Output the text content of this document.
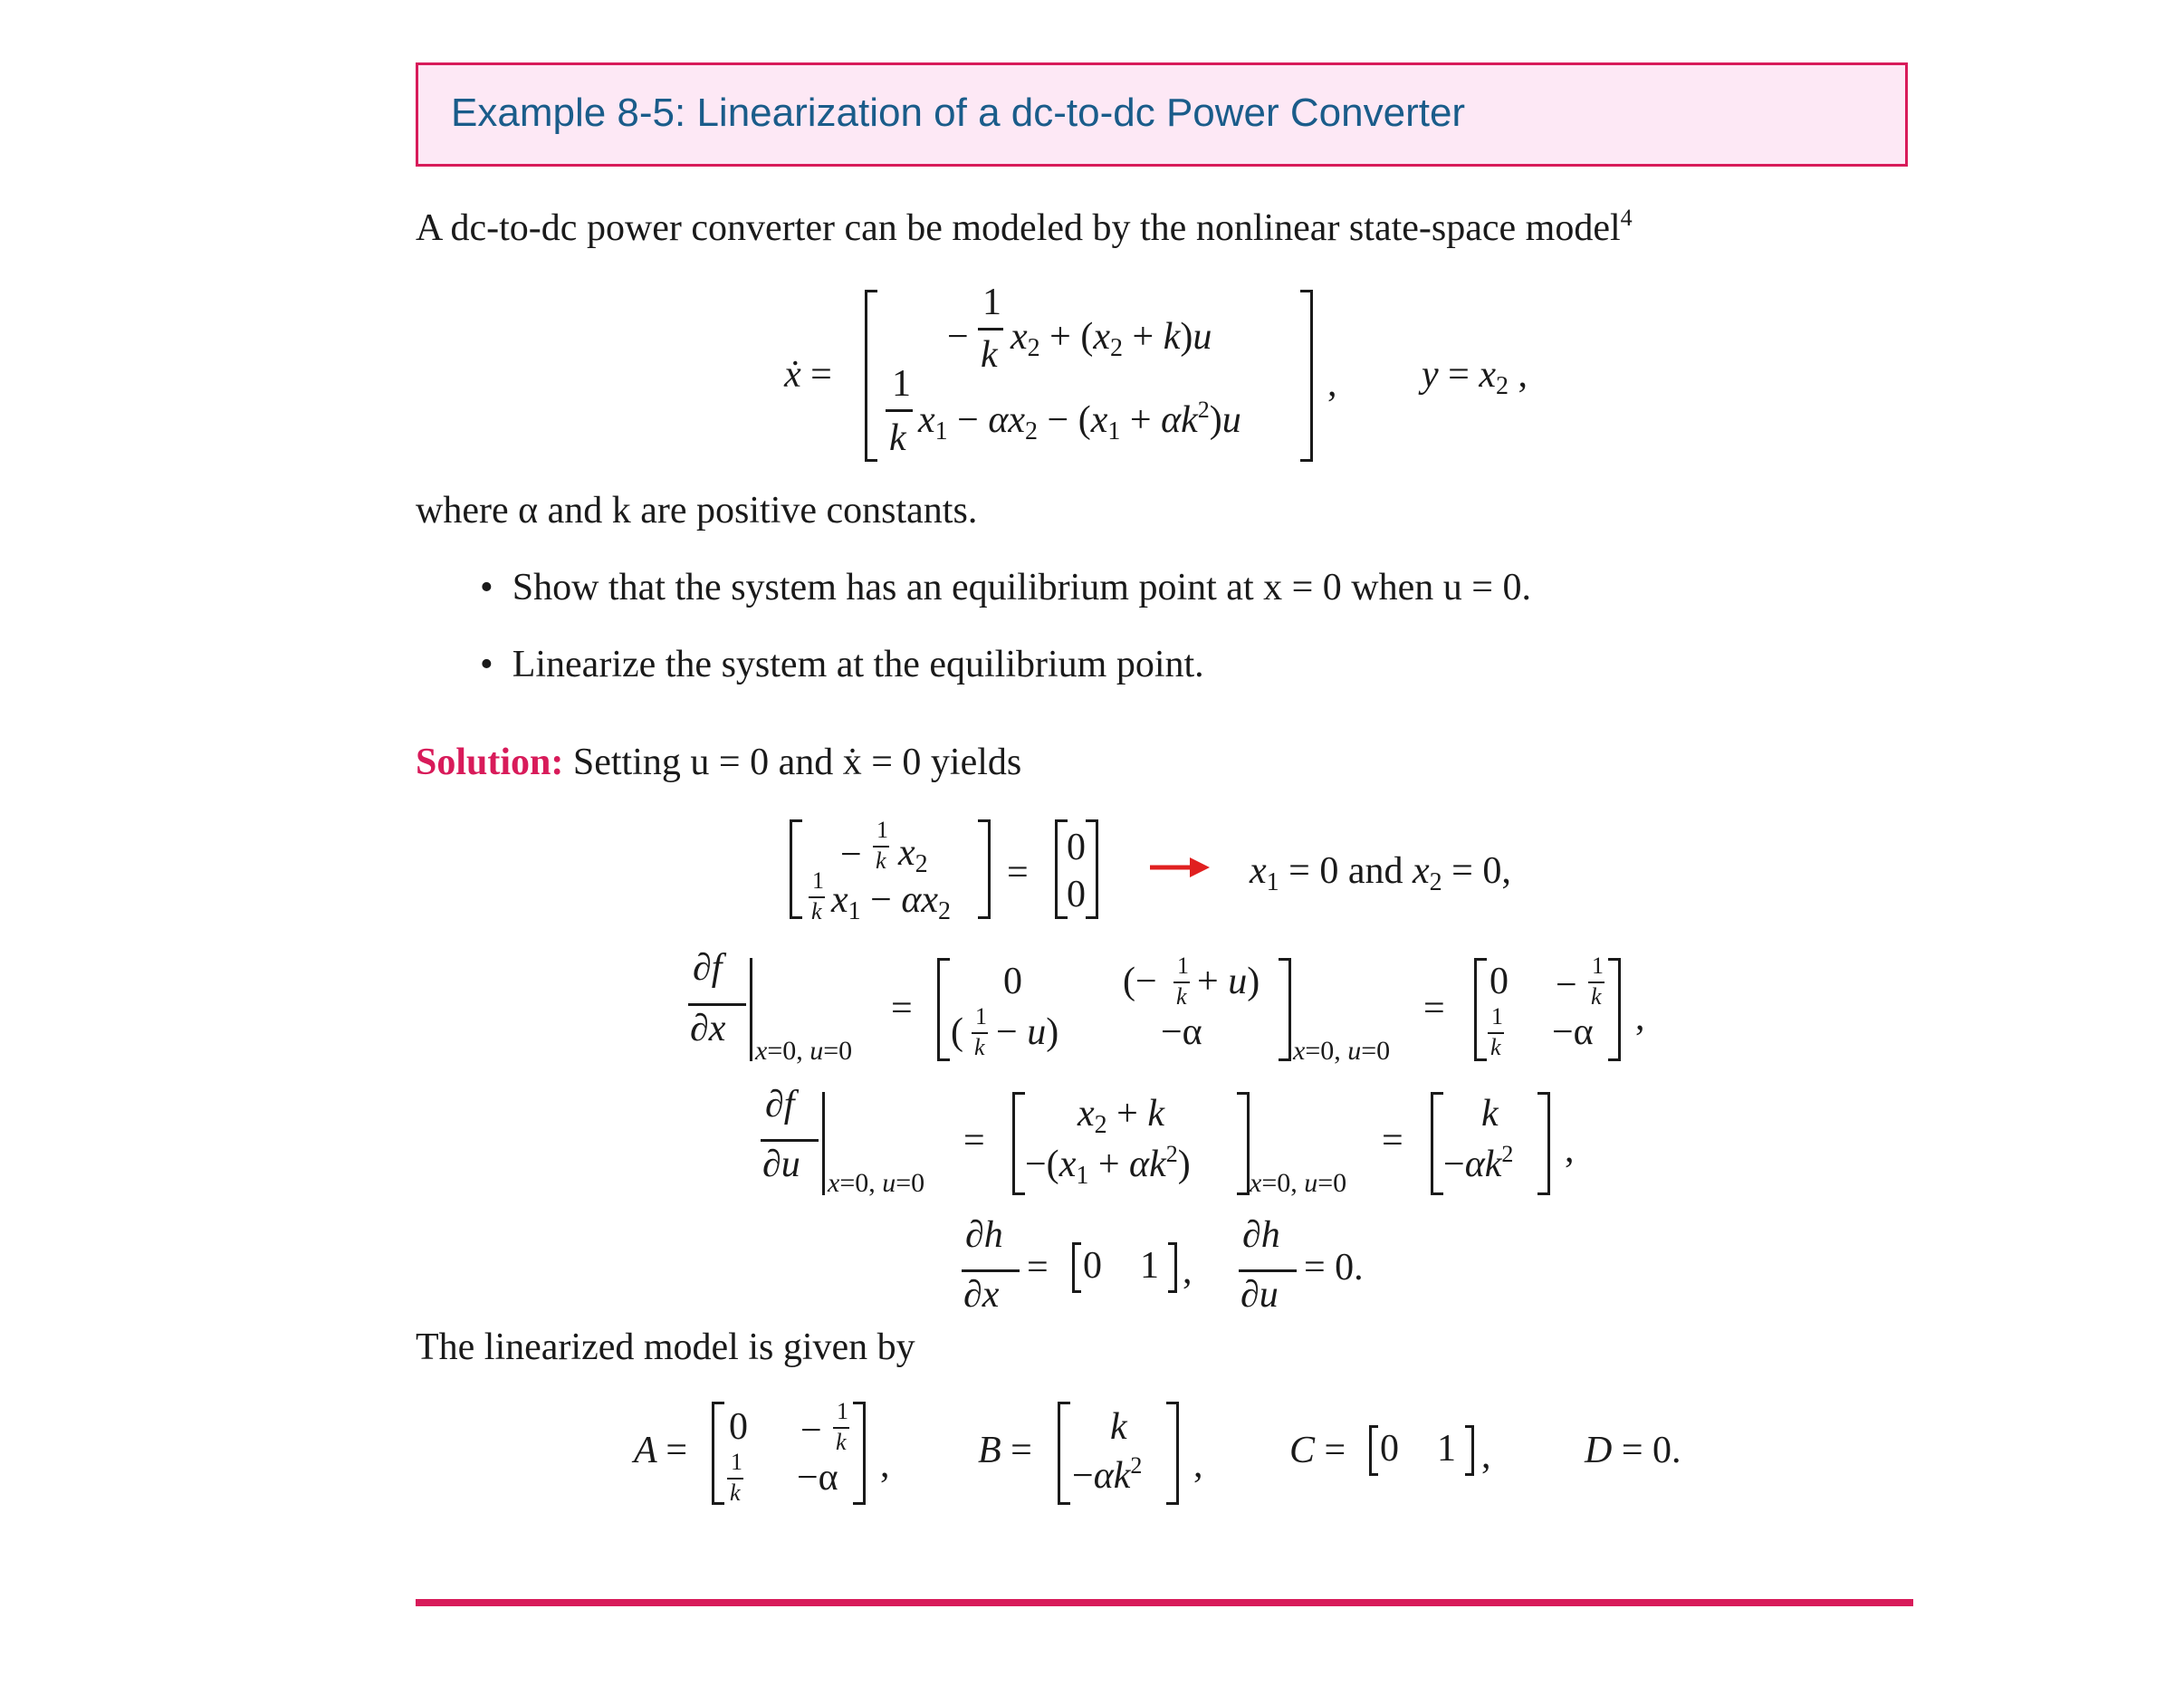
Example 8-5: Linearization of a dc-to-dc Power Converter
A dc-to-dc power converter can be modeled by the nonlinear state-space model$^4$
ẋ =
−
1
k x2 + (x2 + k)u
1
k $x1 - \alpha x2 - (x1 + \alpha k^2)u$
, y = x2 ,
where α and k are positive constants.
• Show that the system has an equilibrium point at x = 0 when u = 0.
• Linearize the system at the equilibrium point.
Solution: Setting u = 0 and ẋ = 0 yields
−
1
k x2
1
k x1 − αx2
=
0
0
x1 = 0 and x2 = 0,
∂f
∂x
x=0, u=0
=
0
( 1
k − u)
(− 1
k + u)
−α	x=0, u=0
=
0
1
k
− 1
k
−α ,
∂f
∂u x=0, u=0
=
x2 + k
$-(x1 + \alpha k^2)$ x=0, u=0
=
k
$-\alpha k^2$ ,
∂h
∂x
= 0    1 ,
∂h
∂u
= 0.
The linearized model is given by
A =
0
1
k
− 1
k
−α , B =
k
$-\alpha k^2$ , C = 0    1 , D = 0.
